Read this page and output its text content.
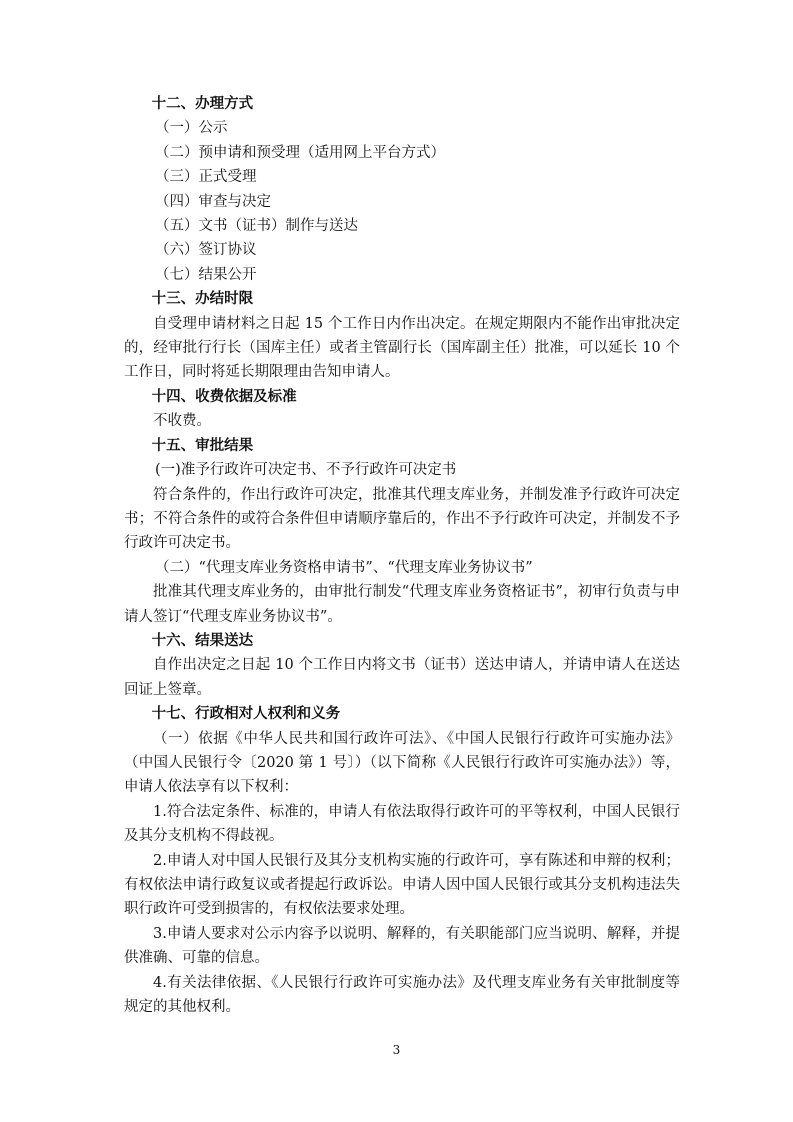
十二、办理方式
（一）公示
（二）预申请和预受理（适用网上平台方式）
（三）正式受理
（四）审查与决定
（五）文书（证书）制作与送达
（六）签订协议
（七）结果公开
十三、办结时限
自受理申请材料之日起 15 个工作日内作出决定。在规定期限内不能作出审批决定的，经审批行行长（国库主任）或者主管副行长（国库副主任）批准，可以延长 10 个工作日，同时将延长期限理由告知申请人。
十四、收费依据及标准
不收费。
十五、审批结果
(一)准予行政许可决定书、不予行政许可决定书
符合条件的，作出行政许可决定，批准其代理支库业务，并制发准予行政许可决定书；不符合条件的或符合条件但申请顺序靠后的，作出不予行政许可决定，并制发不予行政许可决定书。
（二）“代理支库业务资格申请书”、“代理支库业务协议书”
批准其代理支库业务的，由审批行制发“代理支库业务资格证书”，初审行负责与申请人签订“代理支库业务协议书”。
十六、结果送达
自作出决定之日起 10 个工作日内将文书（证书）送达申请人，并请申请人在送达回证上签章。
十七、行政相对人权利和义务
（一）依据《中华人民共和国行政许可法》、《中国人民银行行政许可实施办法》（中国人民银行令〔2020 第 1 号〕）（以下简称《人民银行行政许可实施办法》）等，申请人依法享有以下权利：
1.符合法定条件、标准的，申请人有依法取得行政许可的平等权利，中国人民银行及其分支机构不得歧视。
2.申请人对中国人民银行及其分支机构实施的行政许可，享有陈述和申辩的权利；有权依法申请行政复议或者提起行政诉讼。申请人因中国人民银行或其分支机构违法失职行政许可受到损害的，有权依法要求处理。
3.申请人要求对公示内容予以说明、解释的，有关职能部门应当说明、解释，并提供准确、可靠的信息。
4.有关法律依据、《人民银行行政许可实施办法》及代理支库业务有关审批制度等规定的其他权利。
3
